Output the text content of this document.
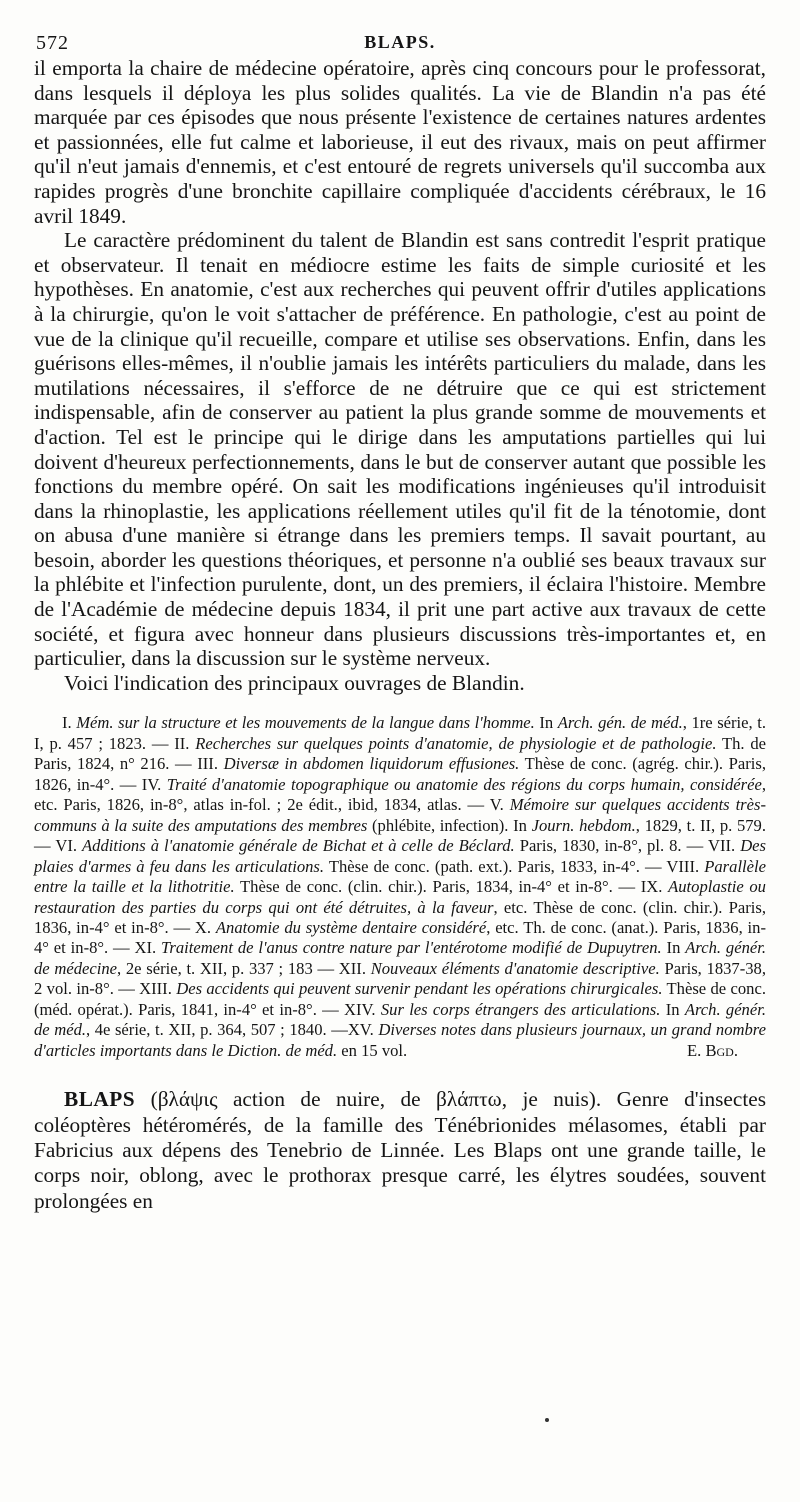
572	BLAPS.

il emporta la chaire de médecine opératoire, après cinq concours pour le professorat, dans lesquels il déploya les plus solides qualités. La vie de Blandin n'a pas été marquée par ces épisodes que nous présente l'existence de certaines natures ardentes et passionnées, elle fut calme et laborieuse, il eut des rivaux, mais on peut affirmer qu'il n'eut jamais d'ennemis, et c'est entouré de regrets universels qu'il succomba aux rapides progrès d'une bronchite capillaire compliquée d'accidents cérébraux, le 16 avril 1849.

Le caractère prédominent du talent de Blandin est sans contredit l'esprit pratique et observateur. Il tenait en médiocre estime les faits de simple curiosité et les hypothèses. En anatomie, c'est aux recherches qui peuvent offrir d'utiles applications à la chirurgie, qu'on le voit s'attacher de préférence. En pathologie, c'est au point de vue de la clinique qu'il recueille, compare et utilise ses observations. Enfin, dans les guérisons elles-mêmes, il n'oublie jamais les intérêts particuliers du malade, dans les mutilations nécessaires, il s'efforce de ne détruire que ce qui est strictement indispensable, afin de conserver au patient la plus grande somme de mouvements et d'action. Tel est le principe qui le dirige dans les amputations partielles qui lui doivent d'heureux perfectionnements, dans le but de conserver autant que possible les fonctions du membre opéré. On sait les modifications ingénieuses qu'il introduisit dans la rhinoplastie, les applications réellement utiles qu'il fit de la ténotomie, dont on abusa d'une manière si étrange dans les premiers temps. Il savait pourtant, au besoin, aborder les questions théoriques, et personne n'a oublié ses beaux travaux sur la phlébite et l'infection purulente, dont, un des premiers, il éclaira l'histoire. Membre de l'Académie de médecine depuis 1834, il prit une part active aux travaux de cette société, et figura avec honneur dans plusieurs discussions très-importantes et, en particulier, dans la discussion sur le système nerveux.

Voici l'indication des principaux ouvrages de Blandin.

I. Mém. sur la structure et les mouvements de la langue dans l'homme. In Arch. gén. de méd., 1re série, t. I, p. 457 ; 1823. — II. Recherches sur quelques points d'anatomie, de physiologie et de pathologie. Th. de Paris, 1824, n° 216. — III. Diversæ in abdomen liquidorum effusiones. Thèse de conc. (agrég. chir.). Paris, 1826, in-4°. — IV. Traité d'anatomie topographique ou anatomie des régions du corps humain, considérée, etc. Paris, 1826, in-8°, atlas in-fol. ; 2e édit., ibid, 1834, atlas. — V. Mémoire sur quelques accidents très-communs à la suite des amputations des membres (phlébite, infection). In Journ. hebdom., 1829, t. II, p. 579. — VI. Additions à l'anatomie générale de Bichat et à celle de Béclard. Paris, 1830, in-8°, pl. 8. — VII. Des plaies d'armes à feu dans les articulations. Thèse de conc. (path. ext.). Paris, 1833, in-4°. — VIII. Parallèle entre la taille et la lithotritie. Thèse de conc. (clin. chir.). Paris, 1834, in-4° et in-8°. — IX. Autoplastie ou restauration des parties du corps qui ont été détruites, à la faveur, etc. Thèse de conc. (clin. chir.). Paris, 1836, in-4° et in-8°. — X. Anatomie du système dentaire considéré, etc. Th. de conc. (anat.). Paris, 1836, in-4° et in-8°. — XI. Traitement de l'anus contre nature par l'entérotome modifié de Dupuytren. In Arch. génér. de médecine, 2e série, t. XII, p. 337 ; 183 — XII. Nouveaux éléments d'anatomie descriptive. Paris, 1837-38, 2 vol. in-8°. — XIII. Des accidents qui peuvent survenir pendant les opérations chirurgicales. Thèse de conc. (méd. opérat.). Paris, 1841, in-4° et in-8°. — XIV. Sur les corps étrangers des articulations. In Arch. génér. de méd., 4e série, t. XII, p. 364, 507 ; 1840. —XV. Diverses notes dans plusieurs journaux, un grand nombre d'articles importants dans le Diction. de méd. en 15 vol.	E. Bgd.

BLAPS (βλάψις action de nuire, de βλάπτω, je nuis). Genre d'insectes coléoptères hétéromérés, de la famille des Ténébrionides mélasomes, établi par Fabricius aux dépens des Tenebrio de Linnée. Les Blaps ont une grande taille, le corps noir, oblong, avec le prothorax presque carré, les élytres soudées, souvent prolongées en
